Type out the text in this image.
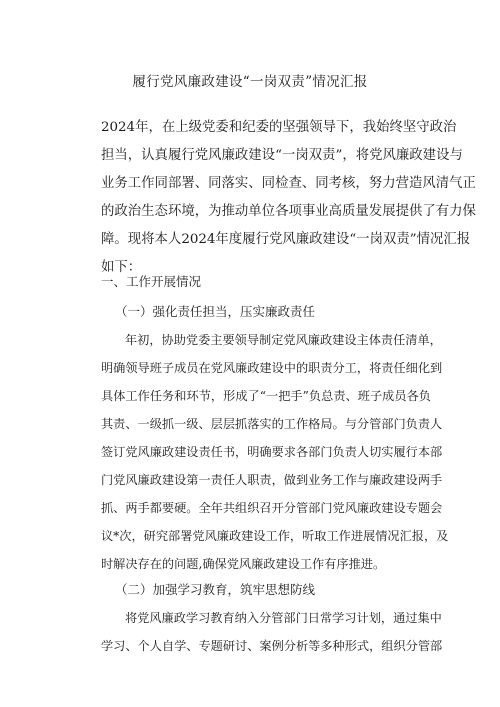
履行党风廉政建设“一岗双责”情况汇报
2024年，在上级党委和纪委的坚强领导下，我始终坚守政治
担当，认真履行党风廉政建设“一岗双责”，将党风廉政建设与
业务工作同部署、同落实、同检查、同考核，努力营造风清气正
的政治生态环境，为推动单位各项事业高质量发展提供了有力保
障。现将本人2024年度履行党风廉政建设“一岗双责”情况汇报
如下：
一、工作开展情况
（一）强化责任担当，压实廉政责任
年初，协助党委主要领导制定党风廉政建设主体责任清单，
明确领导班子成员在党风廉政建设中的职责分工，将责任细化到
具体工作任务和环节，形成了“一把手”负总责、班子成员各负
其责、一级抓一级、层层抓落实的工作格局。与分管部门负责人
签订党风廉政建设责任书，明确要求各部门负责人切实履行本部
门党风廉政建设第一责任人职责，做到业务工作与廉政建设两手
抓、两手都要硬。全年共组织召开分管部门党风廉政建设专题会
议*次，研究部署党风廉政建设工作，听取工作进展情况汇报，及
时解决存在的问题,确保党风廉政建设工作有序推进。
（二）加强学习教育，筑牢思想防线
将党风廉政学习教育纳入分管部门日常学习计划，通过集中
学习、个人自学、专题研讨、案例分析等多种形式，组织分管部
